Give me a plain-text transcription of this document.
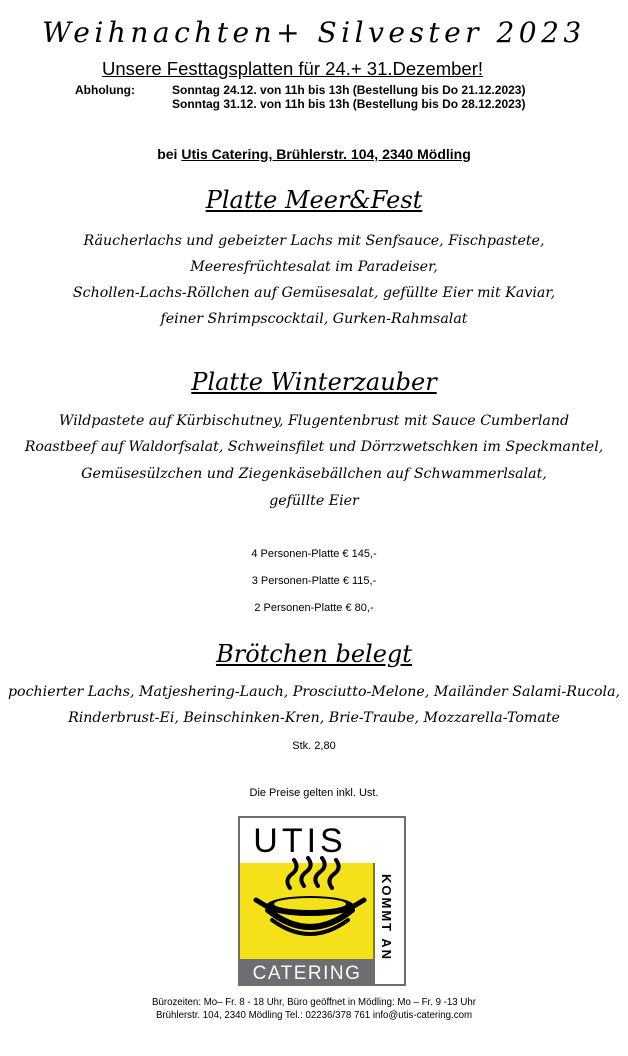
Weihnachten+ Silvester 2023
Unsere Festtagsplatten für 24.+ 31.Dezember!
Abholung:	Sonntag 24.12. von 11h bis 13h (Bestellung bis Do 21.12.2023)
Sonntag 31.12. von 11h bis 13h (Bestellung bis Do 28.12.2023)
bei Utis Catering, Brühlerstr. 104, 2340 Mödling
Platte Meer&Fest
Räucherlachs und gebeizter Lachs mit Senfsauce, Fischpastete,
Meeresfrüchtesalat im Paradeiser,
Schollen-Lachs-Röllchen auf Gemüsesalat, gefüllte Eier mit Kaviar,
feiner Shrimpscocktail, Gurken-Rahmsalat
Platte Winterzauber
Wildpastete auf Kürbischutney, Flugentenbrust mit Sauce Cumberland
Roastbeef auf Waldorfsalat, Schweinsfilet und Dörrzwetschken im Speckmantel,
Gemüsesülzchen und Ziegenkäsebällchen auf Schwammerlsalat,
gefüllte Eier
4 Personen-Platte € 145,-
3 Personen-Platte € 115,-
2 Personen-Platte € 80,-
Brötchen belegt
pochierter Lachs, Matjeshering-Lauch, Prosciutto-Melone, Mailänder Salami-Rucola,
Rinderbrust-Ei, Beinschinken-Kren, Brie-Traube, Mozzarella-Tomate
Stk. 2,80
Die Preise gelten inkl. Ust.
UTIS
KOMMT AN
CATERING
Bürozeiten: Mo– Fr. 8 - 18 Uhr, Büro geöffnet in Mödling: Mo – Fr. 9 -13 Uhr
Brühlerstr. 104, 2340 Mödling Tel.: 02236/378 761 info@utis-catering.com
